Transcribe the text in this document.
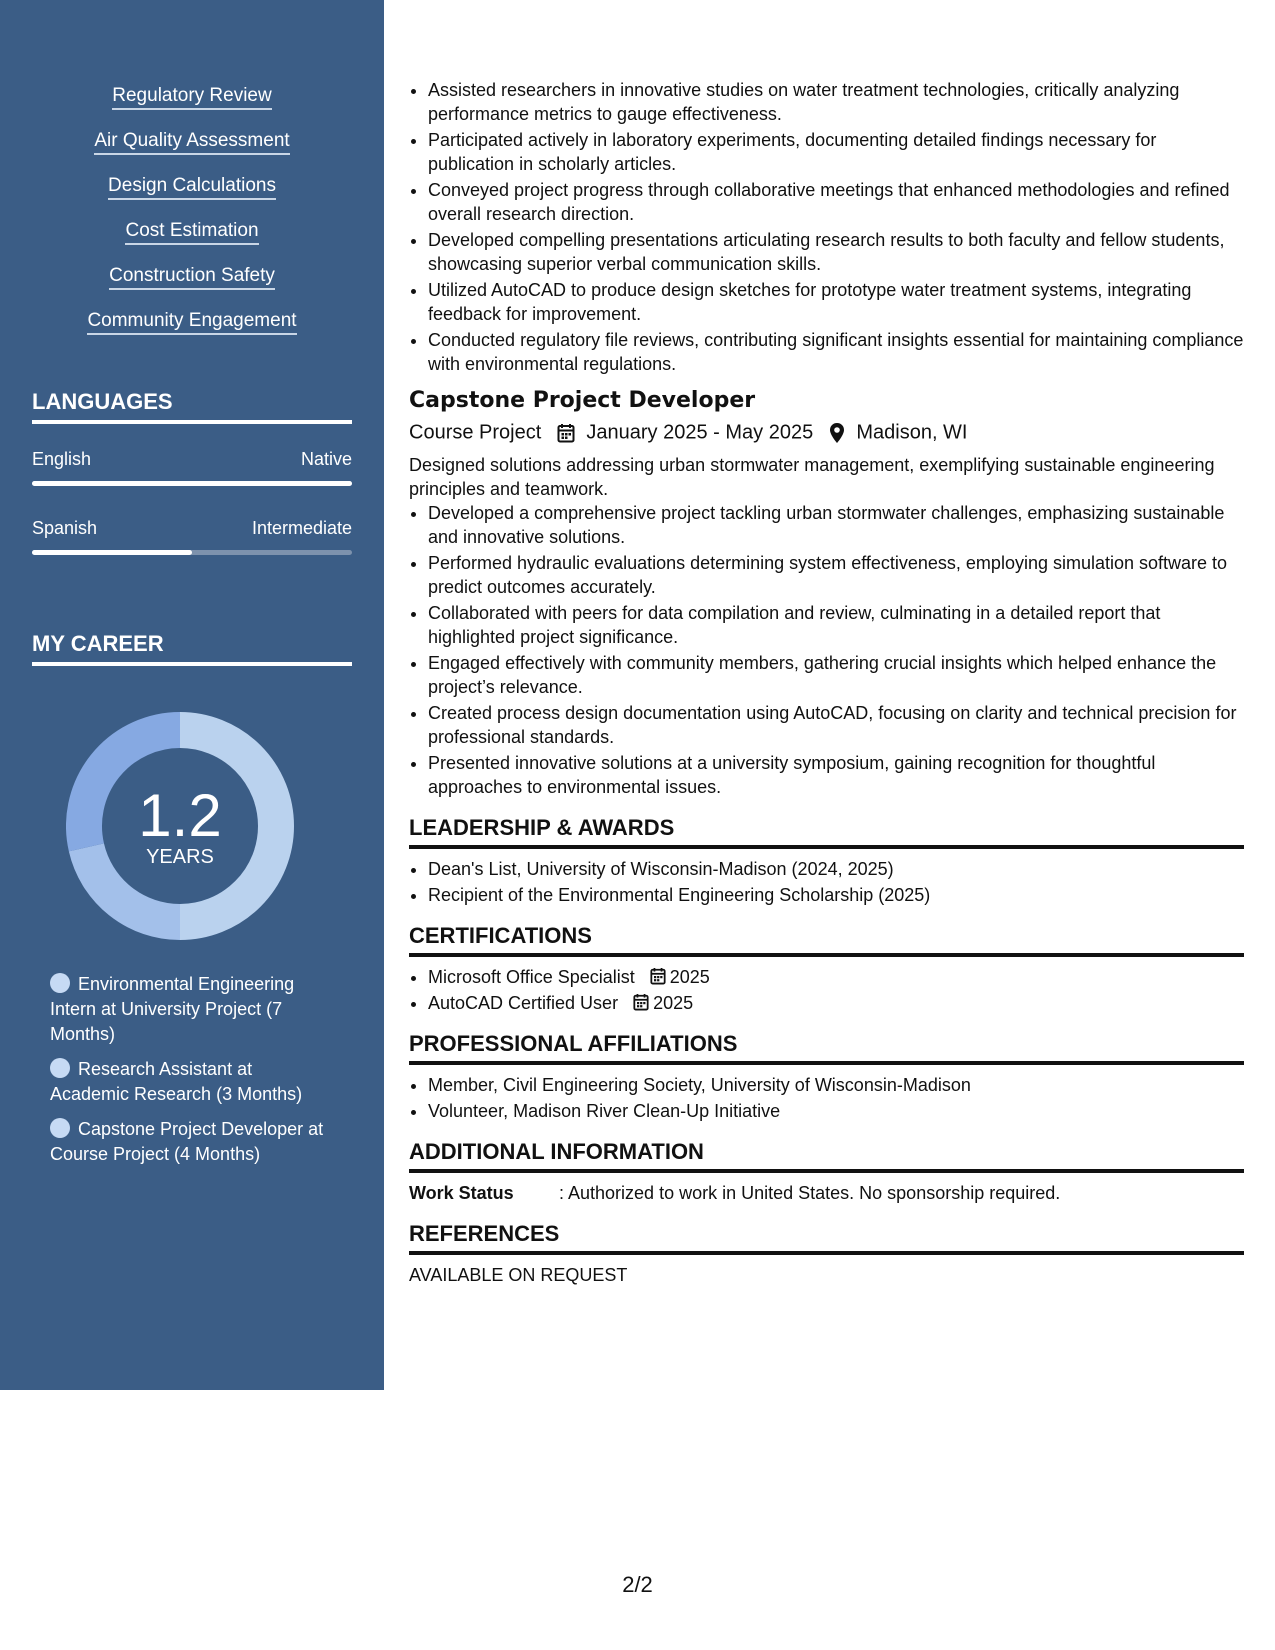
Regulatory Review
Air Quality Assessment
Design Calculations
Cost Estimation
Construction Safety
Community Engagement
LANGUAGES
English	Native
Spanish	Intermediate
MY CAREER
1.2
YEARS
Environmental Engineering Intern at University Project (7 Months)
Research Assistant at Academic Research (3 Months)
Capstone Project Developer at Course Project (4 Months)
• Assisted researchers in innovative studies on water treatment technologies, critically analyzing performance metrics to gauge effectiveness.
• Participated actively in laboratory experiments, documenting detailed findings necessary for publication in scholarly articles.
• Conveyed project progress through collaborative meetings that enhanced methodologies and refined overall research direction.
• Developed compelling presentations articulating research results to both faculty and fellow students, showcasing superior verbal communication skills.
• Utilized AutoCAD to produce design sketches for prototype water treatment systems, integrating feedback for improvement.
• Conducted regulatory file reviews, contributing significant insights essential for maintaining compliance with environmental regulations.
Capstone Project Developer
Course Project January 2025 - May 2025 Madison, WI
Designed solutions addressing urban stormwater management, exemplifying sustainable engineering principles and teamwork.
• Developed a comprehensive project tackling urban stormwater challenges, emphasizing sustainable and innovative solutions.
• Performed hydraulic evaluations determining system effectiveness, employing simulation software to predict outcomes accurately.
• Collaborated with peers for data compilation and review, culminating in a detailed report that highlighted project significance.
• Engaged effectively with community members, gathering crucial insights which helped enhance the project’s relevance.
• Created process design documentation using AutoCAD, focusing on clarity and technical precision for professional standards.
• Presented innovative solutions at a university symposium, gaining recognition for thoughtful approaches to environmental issues.
LEADERSHIP & AWARDS
• Dean's List, University of Wisconsin-Madison (2024, 2025)
• Recipient of the Environmental Engineering Scholarship (2025)
CERTIFICATIONS
• Microsoft Office Specialist 2025
• AutoCAD Certified User 2025
PROFESSIONAL AFFILIATIONS
• Member, Civil Engineering Society, University of Wisconsin-Madison
• Volunteer, Madison River Clean-Up Initiative
ADDITIONAL INFORMATION
Work Status	: Authorized to work in United States. No sponsorship required.
REFERENCES
AVAILABLE ON REQUEST
2/2
